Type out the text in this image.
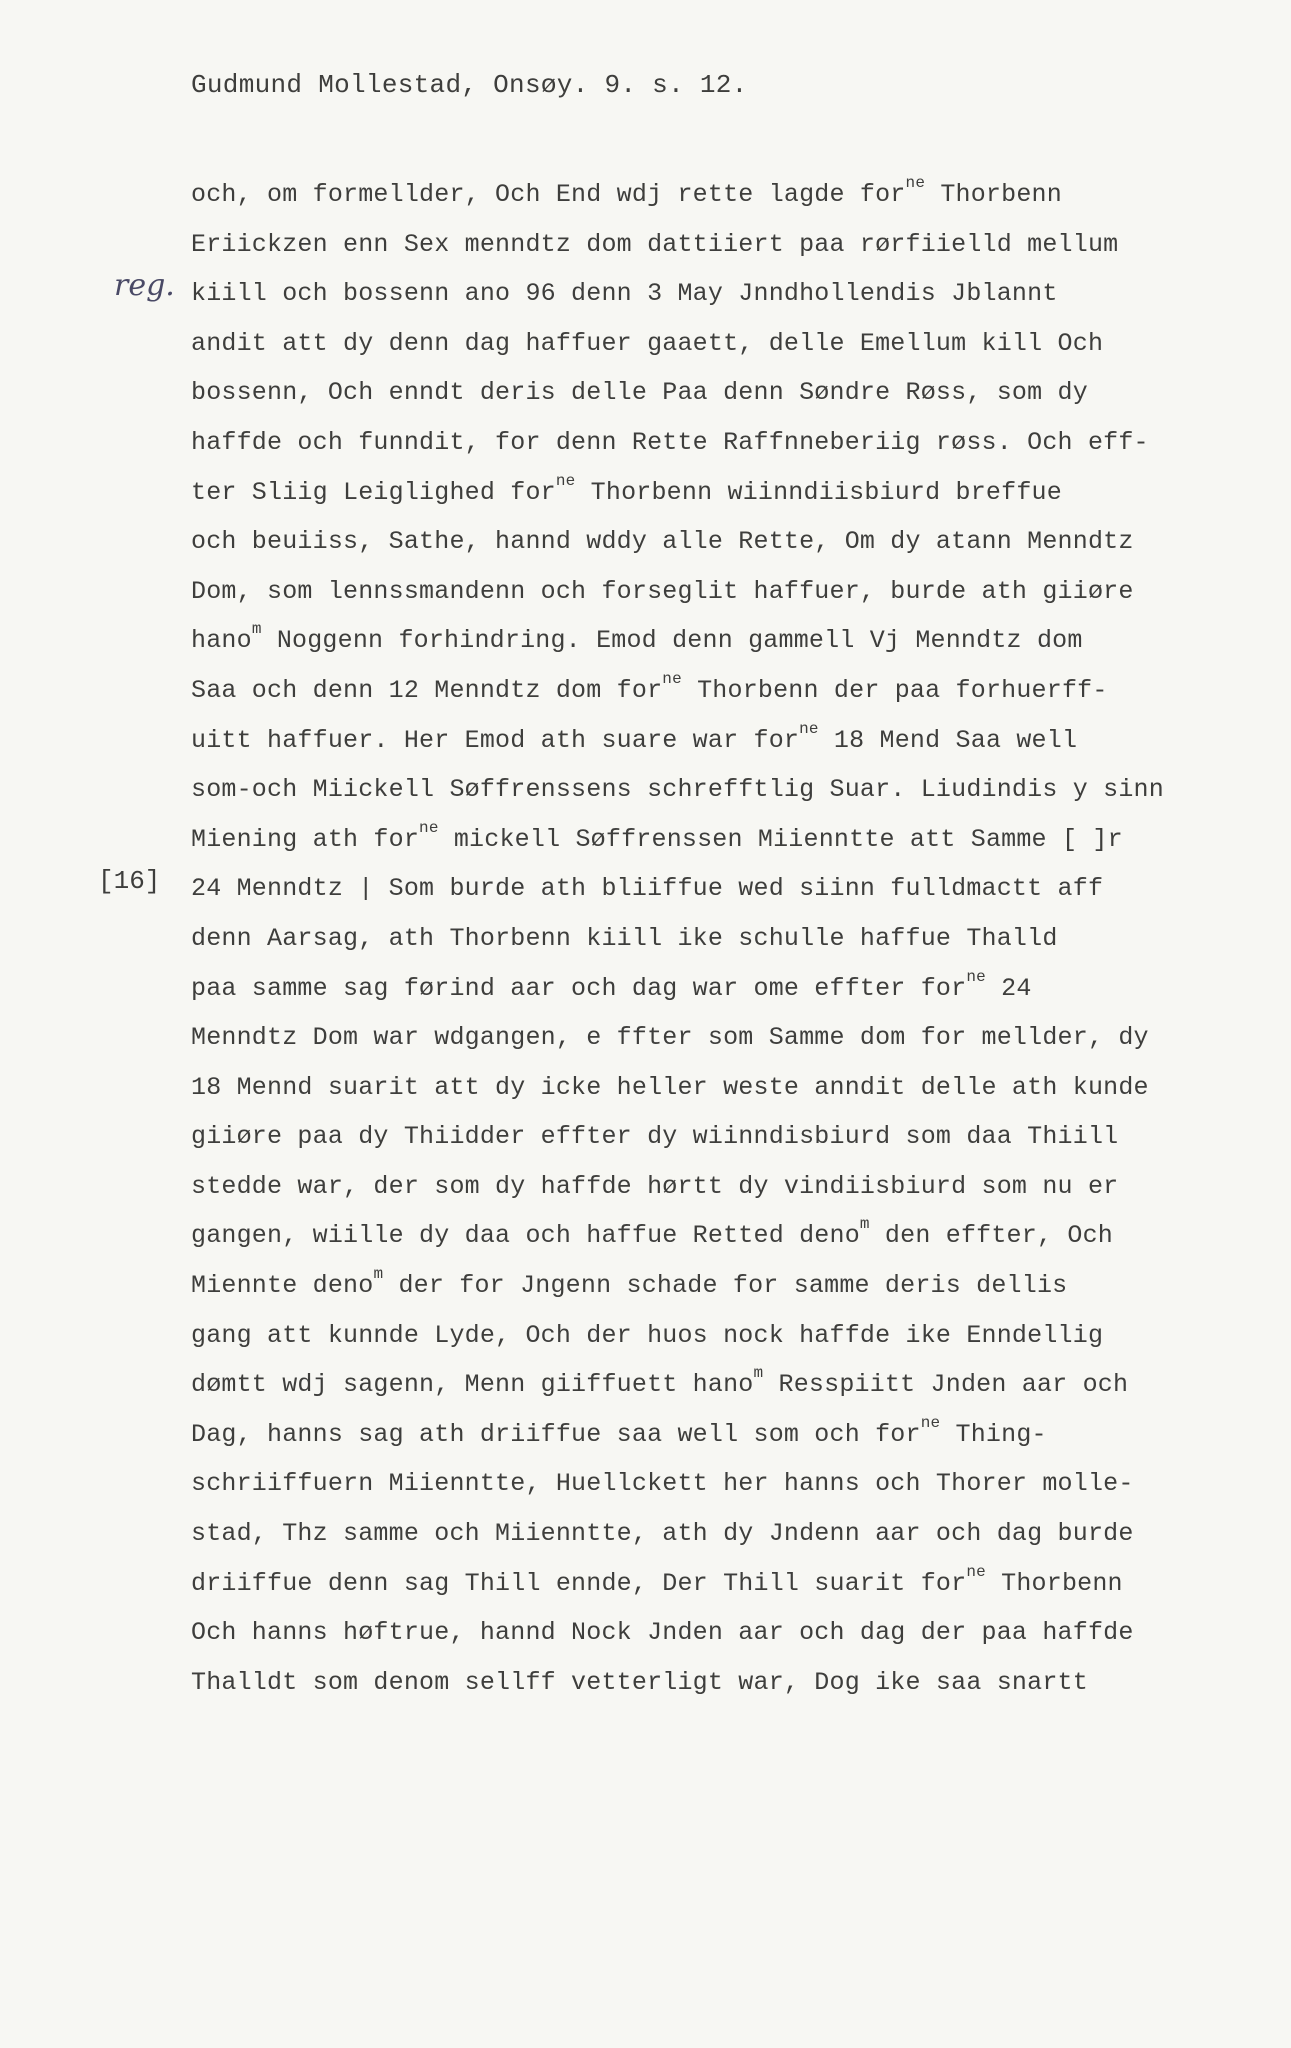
Gudmund Mollestad, Onsøy. 9. s. 12.
reg.
[16]
och, om formellder, Och End wdj rette lagde for$^{ne}$ Thorbenn
Eriickzen enn Sex menndtz dom dattiiert paa rørfiielld mellum
kiill och bossenn ano 96 denn 3 May Jnndhollendis Jblannt
andit att dy denn dag haffuer gaaett, delle Emellum kill Och
bossenn, Och enndt deris delle Paa denn Søndre Røss, som dy
haffde och funndit, for denn Rette Raffnneberiig røss. Och eff-
ter Sliig Leiglighed for$^{ne}$ Thorbenn wiinndiisbiurd breffue
och beuiiss, Sathe, hannd wddy alle Rette, Om dy atann Menndtz
Dom, som lennssmandenn och forseglit haffuer, burde ath giiøre
hano$^m$ Noggenn forhindring. Emod denn gammell Vj Menndtz dom
Saa och denn 12 Menndtz dom for$^{ne}$ Thorbenn der paa forhuerff-
uitt haffuer. Her Emod ath suare war for$^{ne}$ 18 Mend Saa well
som-och Miickell Søffrenssens schrefftlig Suar. Liudindis y sinn
Miening ath for$^{ne}$ mickell Søffrenssen Miienntte att Samme [ ]r
24 Menndtz | Som burde ath bliiffue wed siinn fulldmactt aff
denn Aarsag, ath Thorbenn kiill ike schulle haffue Thalld
paa samme sag førind aar och dag war ome effter for$^{ne}$ 24
Menndtz Dom war wdgangen, e ffter som Samme dom for mellder, dy
18 Mennd suarit att dy icke heller weste anndit delle ath kunde
giiøre paa dy Thiidder effter dy wiinndisbiurd som daa Thiill
stedde war, der som dy haffde hørtt dy vindiisbiurd som nu er
gangen, wiille dy daa och haffue Retted deno$^m$ den effter, Och
Miennte deno$^m$ der for Jngenn schade for samme deris dellis
gang att kunnde Lyde, Och der huos nock haffde ike Enndellig
dømtt wdj sagenn, Menn giiffuett hano$^m$ Resspiitt Jnden aar och
Dag, hanns sag ath driiffue saa well som och for$^{ne}$ Thing-
schriiffuern Miienntte, Huellckett her hanns och Thorer molle-
stad, Thz samme och Miienntte, ath dy Jndenn aar och dag burde
driiffue denn sag Thill ennde, Der Thill suarit for$^{ne}$ Thorbenn
Och hanns høftrue, hannd Nock Jnden aar och dag der paa haffde
Thalldt som denom sellff vetterligt war, Dog ike saa snartt
